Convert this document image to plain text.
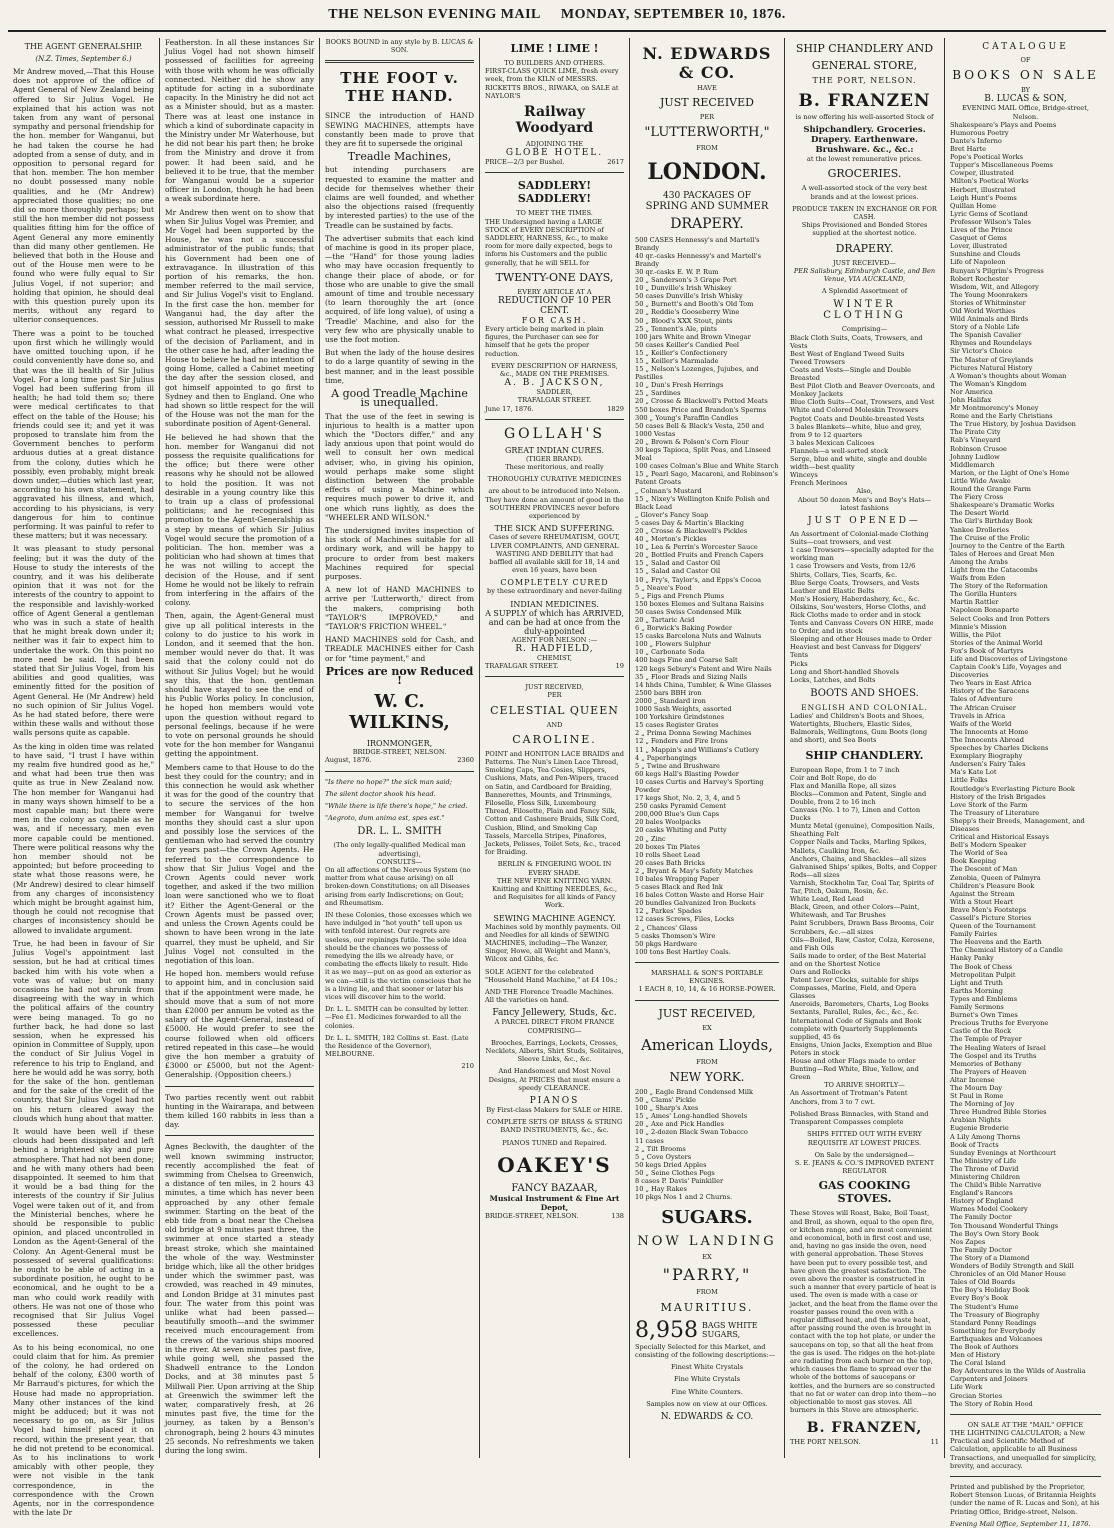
THE NELSON EVENING MAIL MONDAY, SEPTEMBER 10, 1876.
THE AGENT GENERALSHIP.
(N.Z. Times, September 6.)

Mr Andrew moved,—That this House does not approve of the office of Agent General of New Zealand being offered to Sir Julius Vogel. He explained that his action was not taken from any want of personal sympathy and personal friendship for the hon. member for Wanganui, but he had taken the course he had adopted from a sense of duty, and in opposition to personal regard for that hon. member. The hon member no doubt possessed many noble qualities, and he (Mr Andrew) appreciated those qualities; no one did so more thoroughly perhaps; but still the hon member did not possess qualities fitting him for the office of Agent General any more eminently than did many other gentlemen. He believed that both in the House and out of the House men were to be found who were fully equal to Sir Julius Vogel, if not superior; and holding that opinion, he should deal with this question purely upon its merits, without any regard to ulterior consequences.

There was a point to be touched upon first which he willingly would have omitted touching upon, if he could conveniently have done so, and that was the ill health of Sir Julius Vogel. For a long time past Sir Julius Vogel had been suffering from ill health; he had told them so; there were medical certificates to that effect on the table of the House; his friends could see it; and yet it was proposed to translate him from the Government benches to perform arduous duties at a great distance from the colony, duties which he possibly, even probably, might break down under,—duties which last year, according to his own statement, had aggravated his illness, and which, according to his physicians, is very dangerous for him to continue performing. It was painful to refer to these matters; but it was necessary.

It was pleasant to study personal feeling; but it was the duty of the House to study the interests of the country, and it was his deliberate opinion that it was not for the interests of the country to appoint to the responsible and lavishly-worked office of Agent General a gentleman who was in such a state of health that he might break down under it; neither was it fair to expect him to undertake the work. On this point no more need be said. It had been stated that Sir Julius Vogel, from his abilities and good qualities, was eminently fitted for the position of Agent General. He (Mr Andrew) held no such opinion of Sir Julius Vogel. As he had stated before, there were within these walls and without those walls persons quite as capable.

As the king in olden time was related to have said, "I trust I have within my realm five hundred good as he," and what had been true then was quite as true in New Zealand now. The hon member for Wanganui had in many ways shown himself to be a most capable man; but there were men in the colony as capable as he was, and if necessary, men even more capable could be mentioned. There were political reasons why the hon member should not be appointed; but before proceeding to state what those reasons were, he (Mr Andrew) desired to clear himself from any charges of inconsistency which might be brought against him, though he could not recognise that charges of inconsistency should be allowed to invalidate argument.

True, he had been in favour of Sir Julius Vogel's appointment last session, but he had at critical times backed him with his vote when a vote was of value; but on many occasions he had not shrunk from disagreeing with the way in which the political affairs of the country were being managed. To go no further back, he had done so last session, when he expressed his opinion in Committee of Supply, upon the conduct of Sir Julius Vogel in reference to his trip to England, and here he would add he was sorry, both for the sake of the hon. gentleman and for the sake of the credit of the country, that Sir Julius Vogel had not on his return cleared away the clouds which hung about that matter.

It would have been well if these clouds had been dissipated and left behind a brightened sky and pure atmosphere. That had not been done; and he with many others had been disappointed. It seemed to him that it would be a bad thing for the interests of the country if Sir Julius Vogel were taken out of it, and from the Ministerial benches, where he should be responsible to public opinion, and placed uncontrolled in London as the Agent-General of the Colony. An Agent-General must be possessed of several qualifications: he ought to be able of acting in a subordinate position, he ought to be economical, and he ought to be a man who could work readily with others. He was not one of those who recognised that Sir Julius Vogel possessed these peculiar excellences.

As to his being economical, no one could claim that for him. As premier of the colony, he had ordered on behalf of the colony, £300 worth of Mr Barraud's pictures, for which the House had made no appropriation. Many other instances of the kind might be adduced; but it was not necessary to go on, as Sir Julius Vogel had himself placed it on record, within the present year, that he did not pretend to be economical. As to his inclinations to work amicably with other people, they were not visible in the tank correspondence, in the correspondence with the Crown Agents, nor in the correspondence with the late Dr

Featherston. In all these instances Sir Julius Vogel had not shown himself possessed of facilities for agreeing with those with whom he was officially connected. Neither did he show any aptitude for acting in a subordinate capacity. In the Ministry he did not act as a Minister should, but as a master. There was at least one instance in which a kind of subordinate capacity in the Ministry under Mr Waterhouse, but he did not bear his part then; he broke from the Ministry and drove it from power. It had been said, and he believed it to be true, that the member for Wanganui would be a superior officer in London, though he had been a weak subordinate here.

Mr Andrew then went on to show that when Sir Julius Vogel was Premier, and Mr Vogel had been supported by the House, he was not a successful administrator of the public funds; that his Government had been one of extravagance. In illustration of this portion of his remarks, the hon. member referred to the mail service, and Sir Julius Vogel's visit to England. In the first case the hon. member for Wanganui had, the day after the session, authorised Mr Russell to make what contract he pleased, irrespective of the decision of Parliament, and in the other case he had, after leading the House to believe he had no intention of going Home, called a Cabinet meeting the day after the session closed, and got himself appointed to go first to Sydney and then to England. One who had shown so little respect for the will of the House was not the man for the subordinate position of Agent-General.

He believed he had shown that the hon. member for Wanganui did not possess the requisite qualifications for the office; but there were other reasons why he should not be allowed to hold the position. It was not desirable in a young country like this to train up a class of professional politicians; and he recognised this promotion to the Agent-Generalship as a step by means of which Sir Julius Vogel would secure the promotion of a politician. The hon. member was a politician who had shown at times that he was not willing to accept the decision of the House, and if sent Home he would not be likely to refrain from interfering in the affairs of the colony.

Then, again, the Agent-General must give up all political interests in the colony to do justice to his work in London, and it seemed that the hon. member would never do that. It was said that the colony could not do without Sir Julius Vogel; but he would say this, that the hon. gentleman should have stayed to see the end of his Public Works policy. In conclusion, he hoped hon members would vote upon the question without regard to personal feelings, because if he were to vote on personal grounds he should vote for the hon member for Wanganui getting the appointment.

Members came to that House to do the best they could for the country; and in this connection he would ask whether it was for the good of the country that to secure the services of the hon member for Wanganui for twelve months they should cast a slur upon and possibly lose the services of the gentleman who had served the country for years past—the Crown Agents. He referred to the correspondence to show that Sir Julius Vogel and the Crown Agents could never work together, and asked if the two million loan were sanctioned who we to float it? Either the Agent-General or the Crown Agents must be passed over, and unless the Crown Agents could be shown to have been wrong in the late quarrel, they must be upheld, and Sir Julius Vogel not consulted in the negotiation of this loan.

He hoped hon. members would refuse to appoint him, and in conclusion said that if the appointment were made, he should move that a sum of not more than £2000 per annum be voted as the salary of the Agent-General, instead of £5000. He would prefer to see the course followed when old officers retired repeated in this case—he would give the hon member a gratuity of £3000 or £5000, but not the Agent-Generalship. (Opposition cheers.)

Two parties recently went out rabbit hunting in the Wairarapa, and between them killed 160 rabbits in less than a day.

Agnes Beckwith, the daughter of the well known swimming instructor, recently accomplished the feat of swimming from Chelsea to Greenwich, a distance of ten miles, in 2 hours 43 minutes, a time which has never been approached by any other female swimmer. Starting on the beat of the ebb tide from a boat near the Chelsea old bridge at 9 minutes past three, the swimmer at once started a steady breast stroke, which she maintained the whole of the way. Westminster bridge which, like all the other bridges under which the swimmer past, was crowded, was reached in 49 minutes, and London Bridge at 31 minutes past four. The water from this point was unlike what had been passed—beautifully smooth—and the swimmer received much encouragement from the crews of the various ships moored in the river. At seven minutes past five, while going well, she passed the Shadwell entrance to the London Docks, and at 38 minutes past 5 Millwall Pier. Upon arriving at the Ship at Greenwich the swimmer left the water, comparatively fresh, at 26 minutes past five, the time for the journey, as taken by a Benson's chronograph, being 2 hours 43 minutes 25 seconds. No refreshments we taken during the long swim.

BOOKS BOUND in any style by B. LUCAS & SON.
THE FOOT v. THE HAND.

SINCE the introduction of HAND SEWING MACHINES, attempts have constantly been made to prove that they are fit to supersede the original

Treadle Machines,

but intending purchasers are requested to examine the matter and decide for themselves whether their claims are well founded, and whether also the objections raised (frequently by interested parties) to the use of the Treadle can be sustained by facts.

The advertiser submits that each kind of machine is good in its proper place,—the "Hand" for those young ladies who may have occasion frequently to change their place of abode, or for those who are unable to give the small amount of time and trouble necessary (to learn thoroughly the art (once acquired, of life long value), of using a 'Treadle' Machine, and also for the very few who are physically unable to use the foot motion.

But when the lady of the house desires to do a large quantity of sewing in the best manner, and in the least possible time,

A good Treadle Machine is unequalled.

That the use of the feet in sewing is injurious to health is a matter upon which the "Doctors differ," and any lady anxious upon that point would do well to consult her own medical adviser, who, in giving his opinion, would perhaps make some slight distinction between the probable effects of using a Machine which requires much power to drive it, and one which runs lightly, as does the "WHEELER AND WILSON."

The undersigned invites inspection of his stock of Machines suitable for all ordinary work, and will be happy to procure to order from best makers Machines required for special purposes.

A new lot of HAND MACHINES to arrive per 'Lutterworth,' direct from the makers, comprising both "TAYLOR'S IMPROVED," and "TAYLOR'S FRICTION WHEEL."

HAND MACHINES sold for Cash, and TREADLE MACHINES either for Cash or for "time payment," and

Prices are now Reduced !
W. C. WILKINS,
IRONMONGER,
BRIDGE-STREET, NELSON.
August, 1876.	2360

"Is there no hope?" the sick man said;

The silent doctor shook his head.

"While there is life there's hope," he cried.

"Aegroto, dum anima est, spes est."

DR. L. L. SMITH
(The only legally-qualified Medical man advertising),
CONSULTS—

On all affections of the Nervous System (no matter from what cause arising) on all broken-down Constitutions; on all Diseases arising from early Indiscretions; on Gout; and Rheumatism.

IN these Colonies, those excesses which we have indulged in "hot youth" tell upon us with tenfold interest. Our regrets are useless, our repinings futile. The sole idea should be the chances we possess of remedying the ills we already have, or combating the effects likely to result. Hide it as we may—put on as good an exterior as we can—still is the victim conscious that he is a living lie, and that sooner or later his vices will discover him to the world.

Dr. L. L. SMITH can be consulted by letter.—Fee £1. Medicines forwarded to all the colonies.

Dr. L. L. SMITH, 182 Collins st. East. (Late the Residence of the Governor), MELBOURNE.

210

LIME ! LIME !
TO BUILDERS AND OTHERS.

FIRST-CLASS QUICK LIME, fresh every week, from the KILN of MESSRS. RICKETTS BROS., RIWAKA, on SALE at NAYLOR'S

Railway Woodyard
ADJOINING THE
GLOBE HOTEL.
PRICE—2/3 per Bushel.	2617
SADDLERY! SADDLERY!
TO MEET THE TIMES.

THE Undersigned having a LARGE STOCK of EVERY DESCRIPTION of SADDLERY, HARNESS, &c., to make room for more daily expected, begs to inform his Customers and the public generally, that he will SELL for

TWENTY-ONE DAYS,
EVERY ARTICLE AT A
REDUCTION OF 10 PER CENT.
FOR CASH.

Every article being marked in plain figures, the Purchaser can see for himself that he gets the proper reduction.

EVERY DESCRIPTION OF HARNESS, &c., MADE ON THE PREMISES.
A. B. JACKSON,
SADDLER,
TRAFALGAR STREET.
June 17, 1876.	1829
GOLLAH'S
GREAT INDIAN CURES.
(TIGER BRAND).

These meritorious, and really

THOROUGHLY CURATIVE MEDICINES

are about to be introduced into Nelson. They have done an amount of good in the SOUTHERN PROVINCES never before experienced by

THE SICK AND SUFFERING.

Cases of severe RHEUMATISM, GOUT, LIVER COMPLAINTS, AND GENERAL WASTING AND DEBILITY that had baffled all available skill for 18, 14 and even 16 years, have been

COMPLETELY CURED

by these extraordinary and never-failing

INDIAN MEDICINES.
A SUPPLY of which has ARRIVED, and can be had at once from the duly-appointed
AGENT FOR NELSON :—
R. HADFIELD,
CHEMIST,
TRAFALGAR STREET.	19
JUST RECEIVED,
PER
CELESTIAL QUEEN
AND
CAROLINE.

POINT and HONITON LACE BRAIDS and Patterns. The Nun's Linen Lace Thread, Smoking Caps, Tea Cosies, Slippers, Cushions, Mats, and Pen-Wipers, traced on Satin, and Cardboard for Braiding, Bannerettes, Mounts, and Trimmings, Filoselle, Floss Silk, Luxembourg Thread, Filosette, Plain and Fancy Silk, Cotton and Cashmere Braids, Silk Cord, Cushion, Blind, and Smoking Cap Tassels, Marcella Stripes, Pinafores, Jackets, Pelisses, Toilet Sets, &c., traced for Braiding.

BERLIN & FINGERING WOOL IN EVERY SHADE.
THE NEW FINE KNITTING YARN.

Knitting and Knitting NEEDLES, &c., and Requisites for all kinds of Fancy Work.

SEWING MACHINE AGENCY.

Machines sold by monthly payments. Oil and Needles for all kinds of SEWING MACHINES, including—The Wanzer, Singer, Howe, all Weight and Mann's, Wilcox and Gibbs, &c.

SOLE AGENT for the celebrated "Household Hand Machine," at £4 10s.;

AND THE Florence Treadle Machines. All the varieties on hand.

Fancy Jellewery, Studs, &c.

A PARCEL DIRECT FROM FRANCE COMPRISING—

Brooches, Earrings, Lockets, Crosses, Necklets, Alberts, Shirt Studs, Solitaires, Sleeve Links, &c., &c.

And Handsomest and Most Novel Designs, At PRICES that must ensure a speedy CLEARANCE.

PIANOS

By First-class Makers for SALE or HIRE.

COMPLETE SETS OF BRASS & STRING BAND INSTRUMENTS, &c., &c.

PIANOS TUNED and Repaired.

OAKEY'S
FANCY BAZAAR,
Musical Instrument & Fine Art Depot,
BRIDGE-STREET, NELSON.	138
N. EDWARDS & CO.
HAVE
JUST RECEIVED
PER
"LUTTERWORTH,"
FROM
LONDON.
430 PACKAGES OF
SPRING AND SUMMER
DRAPERY.

500 CASES Hennessy's and Martell's Brandy

40 qr.-casks Hennessy's and Martell's Brandy

30 qr.-casks E. W. P. Rum

20 „ Sanderson's 3 Grape Port

10 „ Dunville's Irish Whiskey

50 cases Dunville's Irish Whisky

50 „ Burnett's and Booth's Old Tom

20 „ Reddie's Gooseberry Wine

50 „ Blood's XXX Stout, pints

25 „ Tennent's Ale, pints

100 jars White and Brown Vinegar

50 cases Keiller's Candied Peel

15 „ Keiller's Confectionery

15 „ Keiller's Marmalade

15 „ Nelson's Lozenges, Jujubes, and Pastilles

10 „ Dun's Fresh Herrings

25 „ Sardines

20 „ Crosse & Blackwell's Potted Meats

550 boxes Price and Brandon's Sperms

300 „ Young's Paraffin Candles

50 cases Bell & Black's Vesta, 250 and 1000 Vestas

20 „ Brown & Polson's Corn Flour

30 kegs Tapioca, Split Peas, and Linseed Meal

100 cases Colman's Blue and White Starch

15 „ Pearl Sago, Macaroni, and Robinson's Patent Groats

„ Colman's Mustard

15 „ Nixey's Wellington Knife Polish and Black Lead

„ Glover's Fancy Soap

5 cases Day & Martin's Blacking

20 „ Crosse & Blackwell's Pickles

40 „ Morton's Pickles

10 „ Lea & Perrin's Worcester Sauce

20 „ Bottled Fruits and French Capers

15 „ Salad and Castor Oil

15 „ Salad and Castor Oil

10 „ Fry's, Taylor's, and Epps's Cocoa

5 „ Neave's Food

5 „ Figs and French Plums

150 boxes Elemes and Sultana Raisins

50 cases Swiss Condensed Milk

20 „ Tartaric Acid

6 „ Borwick's Baking Powder

15 casks Barcelona Nuts and Walnuts

100 „ Flowers Sulphur

10 „ Carbonate Soda

400 bags Fine and Coarse Salt

120 kegs Sebury's Patent and Wire Nails

35 „ Floor Brads and Sizing Nails

14 hhds China, Tumbler, & Wine Glasses

2500 bars BBH iron

2000 „ Standard iron

1000 Sash Weights, assorted

100 Yorkshire Grindstones

15 cases Register Grates

2 „ Prima Donna Sewing Machines

12 „ Fenders and Fire Irons

11 „ Mappin's and Williams's Cutlery

4 „ Paperhangings

5 „ Twine and Brushware

60 kegs Hall's Blasting Powder

10 cases Curtis and Harvey's Sporting Powder

17 kegs Shot, No. 2, 3, 4, and 5

250 casks Pyramid Cement

200,000 Blue's Gun Caps

20 bales Woolpacks

20 casks Whiting and Putty

20 „ Zinc

20 boxes Tin Plates

10 rolls Sheet Lead

20 cases Bath Bricks

2 „ Bryant & May's Safety Matches

10 bales Wrapping Paper

5 cases Black and Red Ink

16 bales Cotton Waste and Horse Hair

20 bundles Galvanized Iron Buckets

12 „ Parkes' Spades

12 cases Screws, Files, Locks

2 „ Chances' Glass

5 casks Thomson's Wire

50 pkgs Hardware

100 tons Best Hartley Coals.

MARSHALL & SON'S PORTABLE
ENGINES.
1 EACH 8, 10, 14, & 16 HORSE-POWER.
JUST RECEIVED,
EX
American Lloyds,
FROM
NEW YORK.

200 „ Eagle Brand Condensed Milk

50 „ Clams' Pickle

100 „ Sharp's Axes

15 „ Ames' Long-handled Shovels

20 „ Axe and Pick Handles

10 „ 2-dozen Black Swan Tobacco

11 cases

2 „ Tilt Brooms

5 „ Cove Oysters

50 kegs Dried Apples

50 „ Seine Clothes Pegs

8 cases P. Davis' Painkiller

10 „ Hay Rakes

10 pkgs Nos 1 and 2 Churns.

SUGARS.
NOW LANDING
EX
"PARRY,"
FROM
MAURITIUS.
8,958 BAGS WHITE SUGARS,

Specially Selected for this Market, and consisting of the following descriptions:—

Finest White Crystals

Fine White Crystals

Fine White Counters.

Samples now on view at our Offices.

N. EDWARDS & CO.
SHIP CHANDLERY AND
GENERAL STORE,
THE PORT, NELSON.
B. FRANZEN

is now offering his well-assorted Stock of

Shipchandlery. Groceries. Drapery. Earthenware. Brushware. &c., &c.:
at the lowest remunerative prices.
GROCERIES.

A well-assorted stock of the very best brands and at the lowest prices.

PRODUCE TAKEN IN EXCHANGE OR FOR CASH.

Ships Provisioned and Bonded Stores supplied at the shortest notice.

DRAPERY.
JUST RECEIVED—

PER Salisbury, Edinburgh Castle, and Ben Venue, VIA AUCKLAND,

A Splendid Assortment of
WINTER CLOTHING
Comprising—

Black Cloth Suits, Coats, Trowsers, and Vests

Best West of England Tweed Suits

Tweed Trowsers

Coats and Vests—Single and Double Breasted

Best Pilot Cloth and Beaver Overcoats, and Monkey Jackets

Blue Cloth Suits—Coat, Trowsers, and Vest

White and Colored Moleskin Trowsers

Pegtot Coats and Double-breasted Vests

3 bales Blankets—white, blue and grey, from 9 to 12 quarters

3 bales Mexican Calicoes

Flannels—a well-sorted stock

Serge, blue and white, single and double width—best quality

Winceys

French Merinoes

Also,

About 50 dozen Men's and Boy's Hats—latest fashions

JUST OPENED—

An Assortment of Colonial-made Clothing Suits—coat trowsers, and vest

1 case Trowsers—specially adapted for the working man

1 case Trowsers and Vests, from 12/6

Shirts, Collars, Ties, Scarfs, &c.

Blue Serge Coats, Trowsers, and Vests

Leather and Elastic Belts

Men's Hosiery, Haberdashery, &c., &c.

Oilskins, Sou'westers, Horse Cloths, and Rick Cloths made to order and in stock

Tents and Canvass Covers ON HIRE, made to Order, and in stock

Sleeping and other Houses made to Order

Heaviest and best Canvass for Diggers' Tents

Picks

Long and Short-handled Shovels

Locks, Latches, and Bolts

BOOTS AND SHOES.
ENGLISH AND COLONIAL.

Ladies' and Children's Boots and Shoes, Watertights, Bluchers, Elastic Sides, Balmorals, Wellingtons, Gum Boots (long and short), and Sea Boots

SHIP CHANDLERY.

European Rope, from 1 to 7 inch

Coir and Bolt Rope, do do

Flax and Manilla Rope, all sizes

Blocks—Common and Patent, Single and Double, from 2 to 16 inch

Canvass (No. 1 to 7), Linen and Cotton Ducks

Muntz Metal (genuine), Composition Nails, Sheathing Felt

Copper Nails and Tacks, Marling Spikes, Mallets, Caulking Iron, &c.

Anchors, Chains, and Shackles—all sizes

Galvanised Ships' spikes, Bolts, and Copper Rods—all sizes

Varnish, Stockholm Tar, Coal Tar, Spirits of Tar, Pitch, Oakum, Rosin, &c.

White Lead, Red Lead

Black, Green, and other Colors—Paint, Whitewash, and Tar Brushes

Paint Scrubbers, Drawn Bass Brooms, Coir Scrubbers, &c.—all sizes

Oils—Boiled, Raw, Castor, Colza, Kerosene, and Fish Oils

Sails made to order, of the Best Material and on the Shortest Notice

Oars and Rollocks

Patent Lever Clocks, suitable for ships

Compasses, Marine, Field, and Opera Glasses

Aneroids, Barometers, Charts, Log Books

Sextants, Parallel, Rules, &c., &c., &c.

International Code of Signals and Book complete with Quarterly Supplements supplied, 45 6s

Ensigns, Union Jacks, Exemption and Blue Peters in stock

House and other Flags made to order

Bunting—Red White, Blue, Yellow, and Green

TO ARRIVE SHORTLY—

An Assortment of Trotman's Patent Anchors, from 3 to 7 cwt.

Polished Brass Binnacles, with Stand and Transparent Compasses complete

SHIPS FITTED OUT WITH EVERY REQUISITE AT LOWEST PRICES.

On Sale by the undersigned—
S. E. JEANS & CO.'S IMPROVED PATENT REGULATOR
GAS COOKING STOVES.

These Stoves will Roast, Bake, Boil Toast, and Broil, as shown, equal to the open fire, or kitchen range, and are most convenient and economical, both in first cost and use, and, having no gas inside the oven, need with general approbation. These Stoves have been put to every possible test, and have given the greatest satisfaction. The oven above the roaster is constructed in such a manner that every particle of heat is used. The oven is made with a case or jacket, and the heat from the flame over the roaster passes round the oven with a regular diffused heat, and the waste heat, after passing round the oven is brought in contact with the top hot plate, or under the saucepans on top, so that all the heat from the gas is used. The ridges on the hot-plate are radiating from each burner on the top, which causes the flame to spread over the whole of the bottoms of saucepans or kettles, and the burners are so constructed that no fat or water can drop into them—no objectionable to most gas stoves. All burners in this Stove are atmospheric.

B. FRANZEN,
THE PORT NELSON.	11
CATALOGUE
OF
BOOKS ON SALE
BY
B. LUCAS & SON,
EVENING MAIL Office, Bridge-street, Nelson.

Shakespeare's Plays and Poems

Humorous Poetry

Dante's Inferno

Bret Harte

Pope's Poetical Works

Tupper's Miscellaneous Poems

Cowper, illustrated

Milton's Poetical Works

Herbert, illustrated

Leigh Hunt's Poems

Quillan Home

Lyric Gems of Scotland

Professor Wilson's Tales

Lives of the Prince

Casquet of Gems

Lover, illustrated

Sunshine and Clouds

Life of Napoleon

Bunyan's Pilgrim's Progress

Robert Rochester

Wisdom, Wit, and Allegory

The Young Moonrakers

Stories of Whitminster

Old World Worthies

Wild Animals and Birds

Story of a Noble Life

The Spanish Cavalier

Rhymes and Roundelays

Sir Victor's Choice

The Master of Greylands

Pictures Natural History

A Woman's thoughts about Woman

The Woman's Kingdom

Nor America

John Halifax

Mr Montmorency's Money

Rome and the Early Christians

The True History, by Joshua Davidson

The Pirate City

Rab's Vineyard

Robinson Crusoe

Johnny Ludlow

Middlemarch

Marion, or the Light of One's Home

Little Wide Awake

Round the Grange Farm

The Fiery Cross

Shakespeare's Dramatic Works

The Desert World

The Girl's Birthday Book

Yankee Drolleries

The Cruise of the Frolic

Journey to the Centre of the Earth

Tales of Heroes and Great Men

Among the Arabs

Light from the Catacombs

Waifs from Eden

The Story of the Reformation

The Gorilla Hunters

Martin Rattler

Napoleon Bonaparte

Select Cooks and Iron Potters

Minnie's Mission

Willis, the Pilot

Stories of the Animal World

Fox's Book of Martyrs

Life and Discoveries of Livingstone

Captain Cook's Life, Voyages and Discoveries

Two Years in East Africa

History of the Saracens

Tales of Adventure

The African Cruiser

Travels in Africa

Waifs of the World

The Innocents at Home

The Innocents Abroad

Speeches by Charles Dickens

Exemplary Biography

Andersen's Fairy Tales

Ma's Kate Lot

Little Folks

Routledge's Everlasting Picture Book

History of the Irish Brigades

Love Stork of the Farm

The Treasury of Literature

Shepp's their Breeds, Management, and Diseases

Critical and Historical Essays

Bell's Modern Speaker

The World of Sea

Book Keeping

The Descent of Man

Zenobia, Queen of Palmyra

Children's Pleasure Book

Against the Stream

With a Stout Heart

Brave Men's Footsteps

Cassell's Picture Stories

Queen of the Tournament

Family Fairies

The Heavens and the Earth

The Chemical History of a Candle

Hanky Panky

The Book of Chess

Metropolitan Pulpit

Light and Truth

Earths Morning

Types and Emblems

Family Sermons

Burnet's Own Times

Precious Truths for Everyone

Castle of the Rock

The Temple of Prayer

The Healing Waters of Israel

The Gospel and its Truths

Memories of Bethany

The Prayers of Heaven

Altar Incense

The Mourn Day

St Paul in Rome

The Morning of Joy

Three Hundred Bible Stories

Arabian Nights

Eugenie Broderie

A Lily Among Thorns

Book of Tracts

Sunday Evenings at Northcourt

The Ministry of Life

The Throne of David

Ministering Children

The Child's Bible Narrative

England's Rancors

History of England

Warnes Model Cookery

The Family Doctor

Ten Thousand Wonderful Things

The Boy's Own Story Book

Nos Zapes

The Family Doctor

The Story of a Diamond

Wonders of Bodily Strength and Skill

Chronicles of an Old Manor House

Tales of Old Boards

The Boy's Holiday Book

Every Boy's Book

The Student's Hume

The Treasury of Biography

Standard Penny Readings

Something for Everybody

Earthquakes and Volcanoes

The Book of Authors

Men of History

The Coral Island

Boy Adventures in the Wilds of Australia

Carpenters and Joiners

Life Work

Grecian Stories

The Story of Robin Hood

ON SALE AT THE "MAIL" OFFICE

THE LIGHTNING CALCULATOR; a New Practical and Scientific Method of Calculation, applicable to all Business Transactions, and unequalled for simplicity, brevity, and accuracy.

Printed and published by the Proprietor, Robert Stenson Lucas, of Britannia Heights (under the name of R. Lucas and Son), at his Printing Office, Bridge-street, Nelson.

Evening Mail Office, September 11, 1876.
